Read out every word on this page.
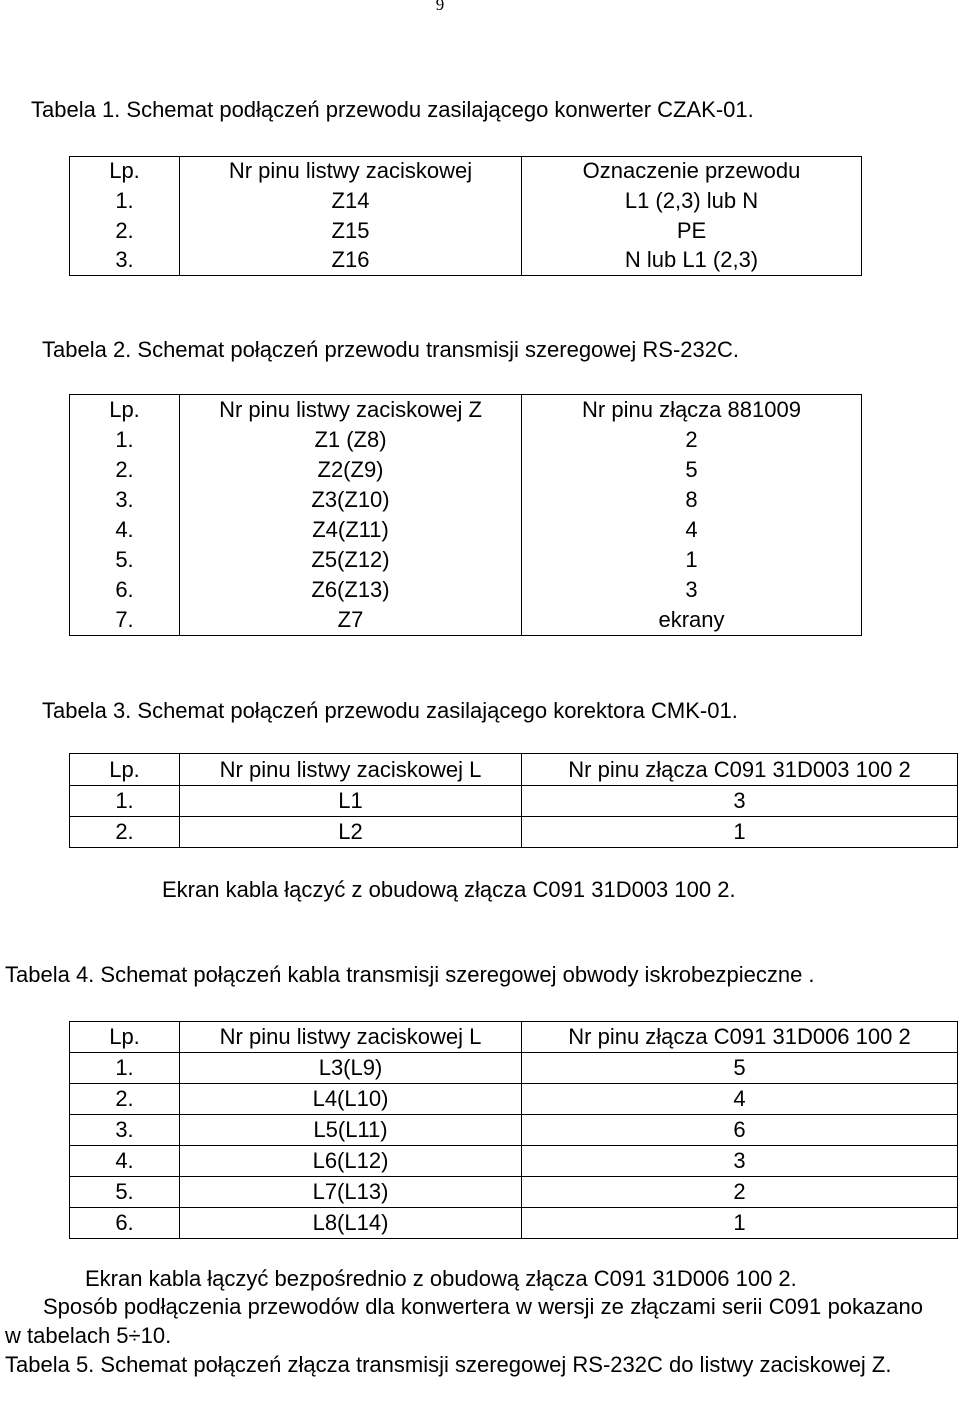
9
Tabela 1. Schemat podłączeń przewodu zasilającego konwerter CZAK-01.
Lp.	Nr pinu listwy zaciskowej	Oznaczenie przewodu
1.	Z14	L1 (2,3) lub N
2.	Z15	PE
3.	Z16	N lub L1 (2,3)
Tabela 2. Schemat połączeń przewodu transmisji szeregowej RS-232C.
Lp.	Nr pinu listwy zaciskowej Z	Nr pinu złącza 881009
1.	Z1 (Z8)	2
2.	Z2(Z9)	5
3.	Z3(Z10)	8
4.	Z4(Z11)	4
5.	Z5(Z12)	1
6.	Z6(Z13)	3
7.	Z7	ekrany
Tabela 3. Schemat połączeń przewodu zasilającego korektora CMK-01.
Lp.	Nr pinu listwy zaciskowej L	Nr pinu złącza C091 31D003 100 2
1.	L1	3
2.	L2	1
Ekran kabla łączyć z obudową złącza C091 31D003 100 2.
Tabela 4. Schemat połączeń kabla transmisji szeregowej obwody iskrobezpieczne .
Lp.	Nr pinu listwy zaciskowej L	Nr pinu złącza C091 31D006 100 2
1.	L3(L9)	5
2.	L4(L10)	4
3.	L5(L11)	6
4.	L6(L12)	3
5.	L7(L13)	2
6.	L8(L14)	1
Ekran kabla łączyć bezpośrednio z obudową złącza C091 31D006 100 2.
Sposób podłączenia przewodów dla konwertera w wersji ze złączami serii C091 pokazano w tabelach 5÷10.
Tabela 5. Schemat połączeń złącza transmisji szeregowej RS-232C do listwy zaciskowej Z.
